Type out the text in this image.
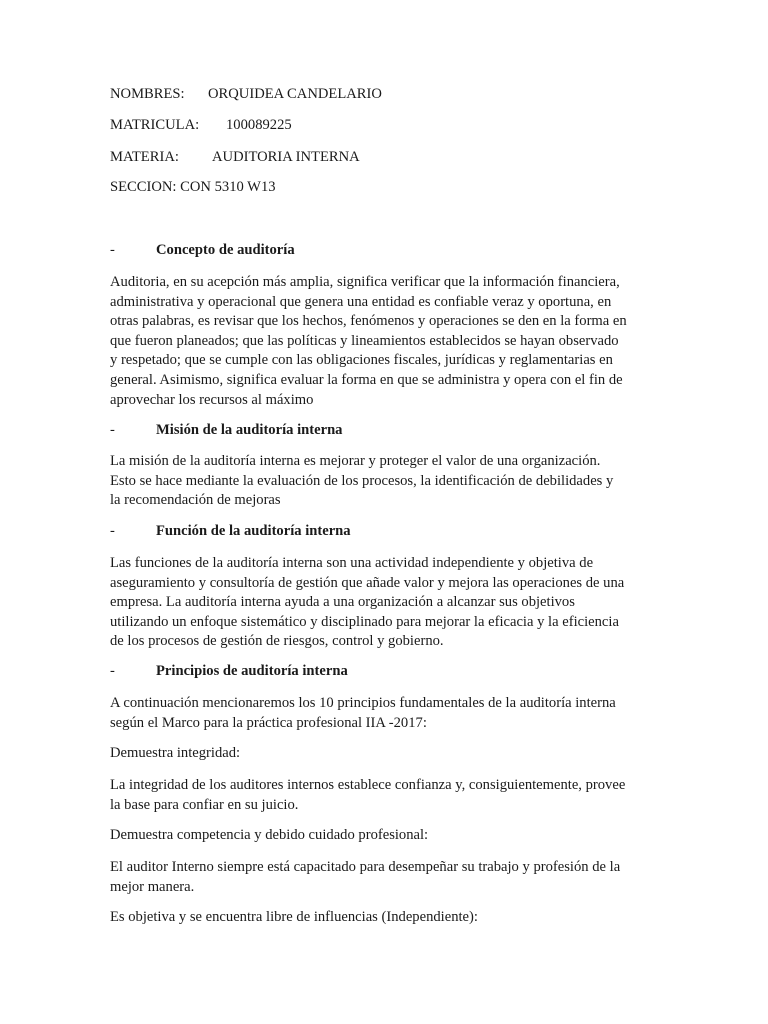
NOMBRES: ORQUIDEA CANDELARIO
MATRICULA: 100089225
MATERIA: AUDITORIA INTERNA
SECCION: CON 5310 W13
-	Concepto de auditoría
Auditoria, en su acepción más amplia, significa verificar que la información financiera,
administrativa y operacional que genera una entidad es confiable veraz y oportuna, en
otras palabras, es revisar que los hechos, fenómenos y operaciones se den en la forma en
que fueron planeados; que las políticas y lineamientos establecidos se hayan observado
y respetado; que se cumple con las obligaciones fiscales, jurídicas y reglamentarias en
general. Asimismo, significa evaluar la forma en que se administra y opera con el fin de
aprovechar los recursos al máximo
-	Misión de la auditoría interna
La misión de la auditoría interna es mejorar y proteger el valor de una organización.
Esto se hace mediante la evaluación de los procesos, la identificación de debilidades y
la recomendación de mejoras
-	Función de la auditoría interna
Las funciones de la auditoría interna son una actividad independiente y objetiva de
aseguramiento y consultoría de gestión que añade valor y mejora las operaciones de una
empresa. La auditoría interna ayuda a una organización a alcanzar sus objetivos
utilizando un enfoque sistemático y disciplinado para mejorar la eficacia y la eficiencia
de los procesos de gestión de riesgos, control y gobierno.
-	Principios de auditoría interna
A continuación mencionaremos los 10 principios fundamentales de la auditoría interna
según el Marco para la práctica profesional IIA -2017:
Demuestra integridad:
La integridad de los auditores internos establece confianza y, consiguientemente, provee
la base para confiar en su juicio.
Demuestra competencia y debido cuidado profesional:
El auditor Interno siempre está capacitado para desempeñar su trabajo y profesión de la
mejor manera.
Es objetiva y se encuentra libre de influencias (Independiente):
